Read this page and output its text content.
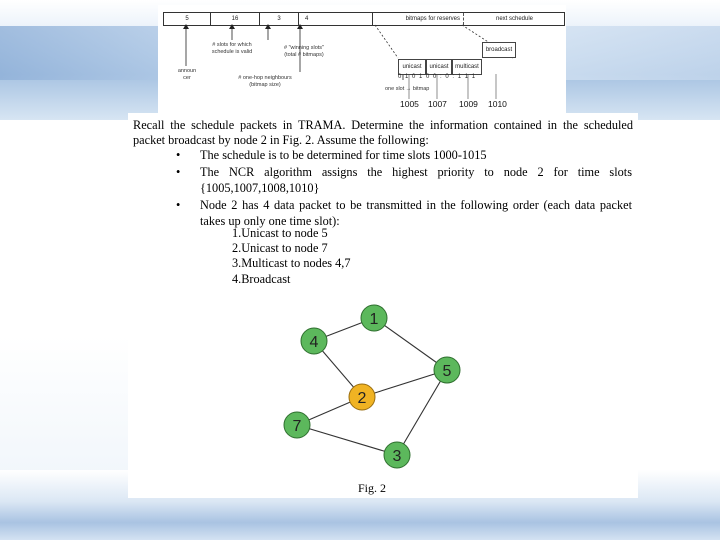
5	16	3	4	bitmaps for reserves	next schedule
announ
cer
# slots for which
schedule is valid
# "winning slots"
(total # bitmaps)
# one-hop neighbours
(bitmap size)
one slot → bitmap
unicast	unicast	multicast
broadcast
0 1 0 1 0 0 : 0 : 1 1 1
1005 1007 1009 1010
Recall the schedule packets in TRAMA. Determine the information contained in the scheduled packet broadcast by node 2 in Fig. 2. Assume the following:
• The schedule is to be determined for time slots 1000-1015
• The NCR algorithm assigns the highest priority to node 2 for time slots {1005,1007,1008,1010}
• Node 2 has 4 data packet to be transmitted in the following order (each data packet takes up only one time slot):
1.Unicast to node 5
2.Unicast to node 7
3.Multicast to nodes 4,7
4.Broadcast
1
4
5
2
7
3
Fig. 2
